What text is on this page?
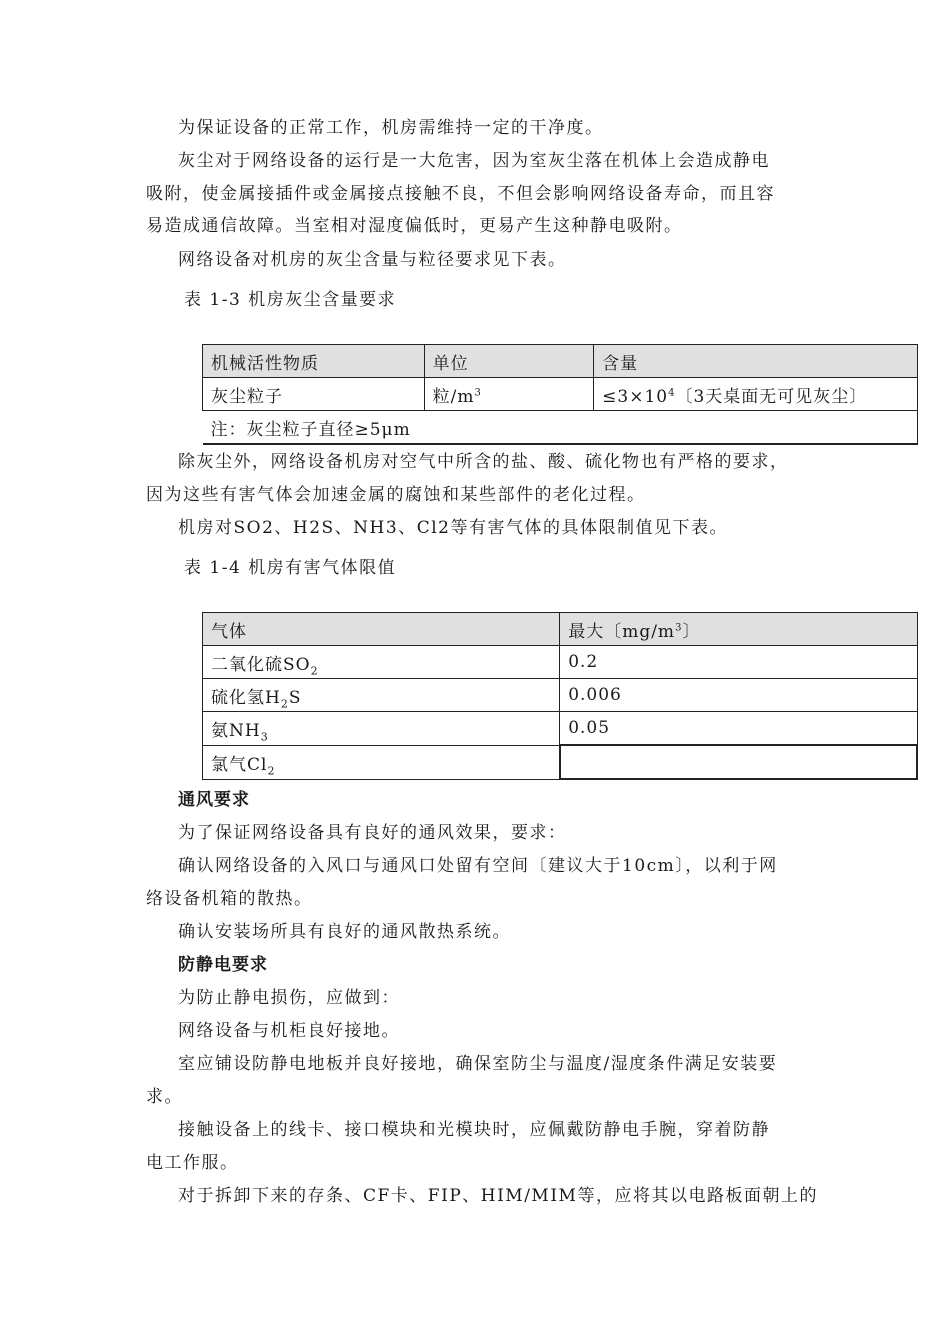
为保证设备的正常工作，机房需维持一定的干净度。
灰尘对于网络设备的运行是一大危害，因为室灰尘落在机体上会造成静电
吸附，使金属接插件或金属接点接触不良，不但会影响网络设备寿命，而且容
易造成通信故障。当室相对湿度偏低时，更易产生这种静电吸附。
网络设备对机房的灰尘含量与粒径要求见下表。
表 1-3 机房灰尘含量要求
机械活性物质	单位	含量
灰尘粒子	粒$/m^3$	$\le 3\times 10^4$〔3天桌面无可见灰尘〕
注：灰尘粒子直径≥5μm		
除灰尘外，网络设备机房对空气中所含的盐、酸、硫化物也有严格的要求，
因为这些有害气体会加速金属的腐蚀和某些部件的老化过程。
机房对SO2、H2S、NH3、Cl2等有害气体的具体限制值见下表。
表 1-4 机房有害气体限值
气体	最大〔$mg/m^3$〕
二氧化硫$SO_2$	0.2
硫化氢$H_2S$	0.006
氨$NH_3$	0.05
氯气$Cl_2$	
通风要求
为了保证网络设备具有良好的通风效果，要求：
确认网络设备的入风口与通风口处留有空间〔建议大于10cm〕，以利于网
络设备机箱的散热。
确认安装场所具有良好的通风散热系统。
防静电要求
为防止静电损伤，应做到：
网络设备与机柜良好接地。
室应铺设防静电地板并良好接地，确保室防尘与温度/湿度条件满足安装要
求。
接触设备上的线卡、接口模块和光模块时，应佩戴防静电手腕，穿着防静
电工作服。
对于拆卸下来的存条、CF卡、FIP、HIM/MIM等，应将其以电路板面朝上的
